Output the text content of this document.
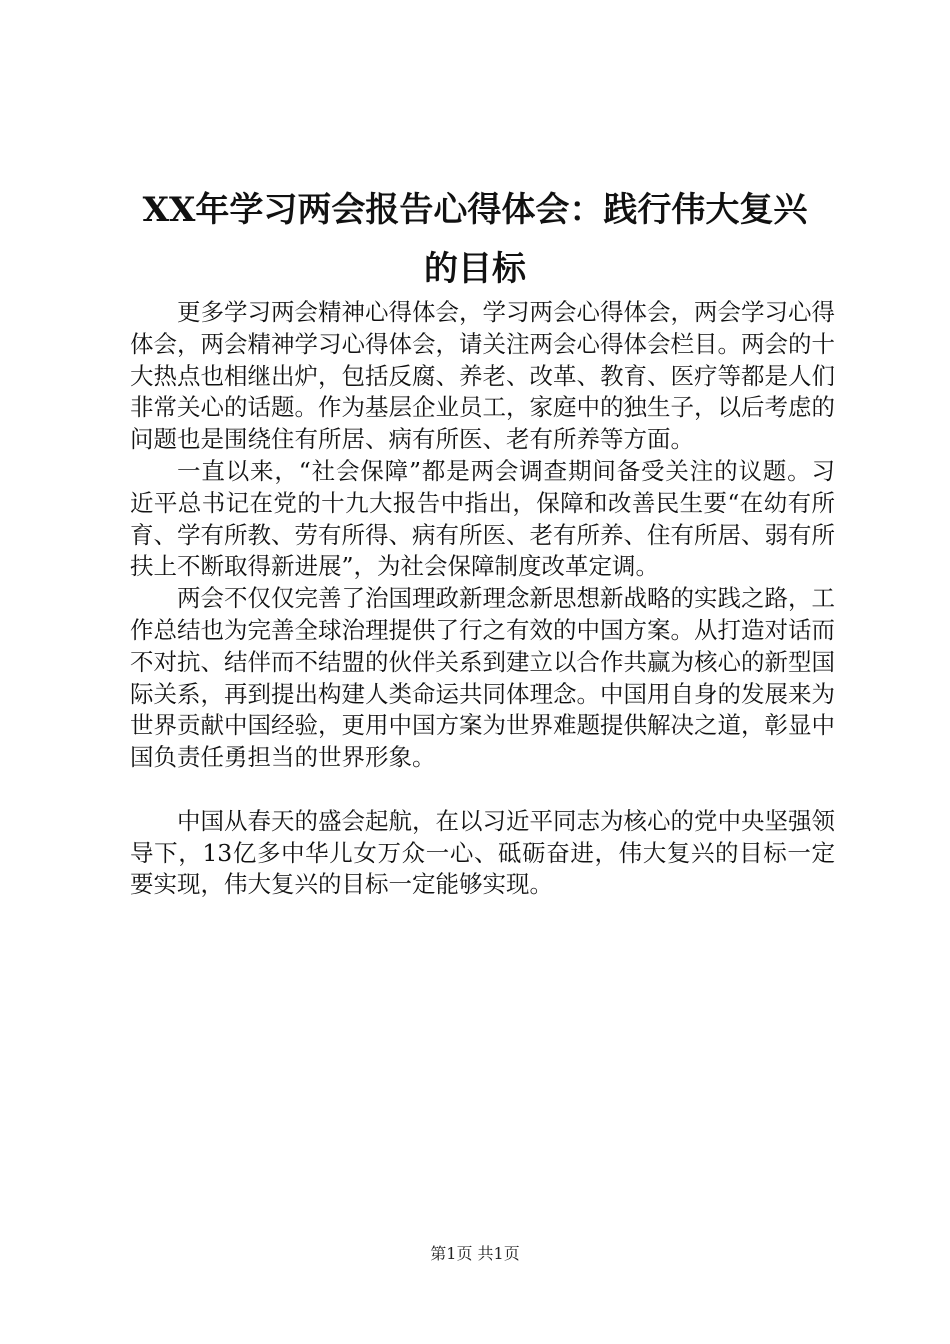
XX年学习两会报告心得体会：践行伟大复兴
的目标

更多学习两会精神心得体会，学习两会心得体会，两会学习心得体会，两会精神学习心得体会，请关注两会心得体会栏目。两会的十大热点也相继出炉，包括反腐、养老、改革、教育、医疗等都是人们非常关心的话题。作为基层企业员工，家庭中的独生子，以后考虑的问题也是围绕住有所居、病有所医、老有所养等方面。

一直以来，“社会保障”都是两会调查期间备受关注的议题。习近平总书记在党的十九大报告中指出，保障和改善民生要“在幼有所育、学有所教、劳有所得、病有所医、老有所养、住有所居、弱有所扶上不断取得新进展”，为社会保障制度改革定调。

两会不仅仅完善了治国理政新理念新思想新战略的实践之路，工作总结也为完善全球治理提供了行之有效的中国方案。从打造对话而不对抗、结伴而不结盟的伙伴关系到建立以合作共赢为核心的新型国际关系，再到提出构建人类命运共同体理念。中国用自身的发展来为世界贡献中国经验，更用中国方案为世界难题提供解决之道，彰显中国负责任勇担当的世界形象。

中国从春天的盛会起航，在以习近平同志为核心的党中央坚强领导下，13亿多中华儿女万众一心、砥砺奋进，伟大复兴的目标一定要实现，伟大复兴的目标一定能够实现。

第1页 共1页
